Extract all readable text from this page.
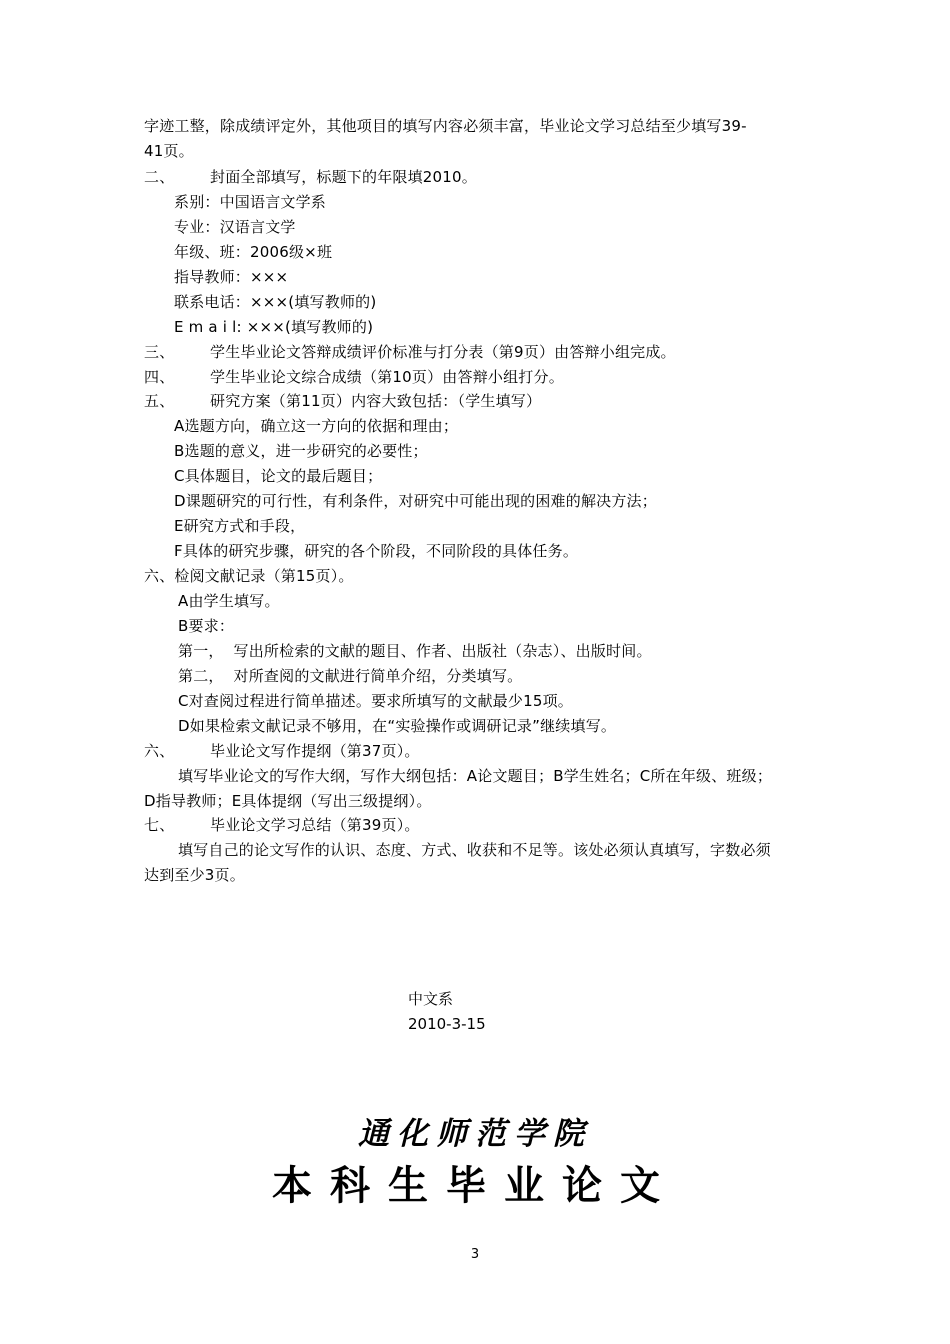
字迹工整，除成绩评定外，其他项目的填写内容必须丰富，毕业论文学习总结至少填写39-
41页。
二、 封面全部填写，标题下的年限填2010。
系别：中国语言文学系
专业：汉语言文学
年级、班：2006级×班
指导教师：×××
联系电话：×××(填写教师的)
E m a i l: ×××(填写教师的)
三、 学生毕业论文答辩成绩评价标准与打分表（第9页）由答辩小组完成。
四、 学生毕业论文综合成绩（第10页）由答辩小组打分。
五、 研究方案（第11页）内容大致包括：（学生填写）
A选题方向，确立这一方向的依据和理由；
B选题的意义，进一步研究的必要性；
C具体题目，论文的最后题目；
D课题研究的可行性，有利条件，对研究中可能出现的困难的解决方法；
E研究方式和手段，
F具体的研究步骤，研究的各个阶段，不同阶段的具体任务。
六、检阅文献记录（第15页）。
A由学生填写。
B要求：
第一，  写出所检索的文献的题目、作者、出版社（杂志）、出版时间。
第二，  对所查阅的文献进行简单介绍，分类填写。
C对查阅过程进行简单描述。要求所填写的文献最少15项。
D如果检索文献记录不够用，在“实验操作或调研记录”继续填写。
六、 毕业论文写作提纲（第37页）。
填写毕业论文的写作大纲，写作大纲包括：A论文题目；B学生姓名；C所在年级、班级；
D指导教师；E具体提纲（写出三级提纲）。
七、 毕业论文学习总结（第39页）。
填写自己的论文写作的认识、态度、方式、收获和不足等。该处必须认真填写，字数必须
达到至少3页。
中文系
2010-3-15
通化师范学院
本科生毕业论文
3
